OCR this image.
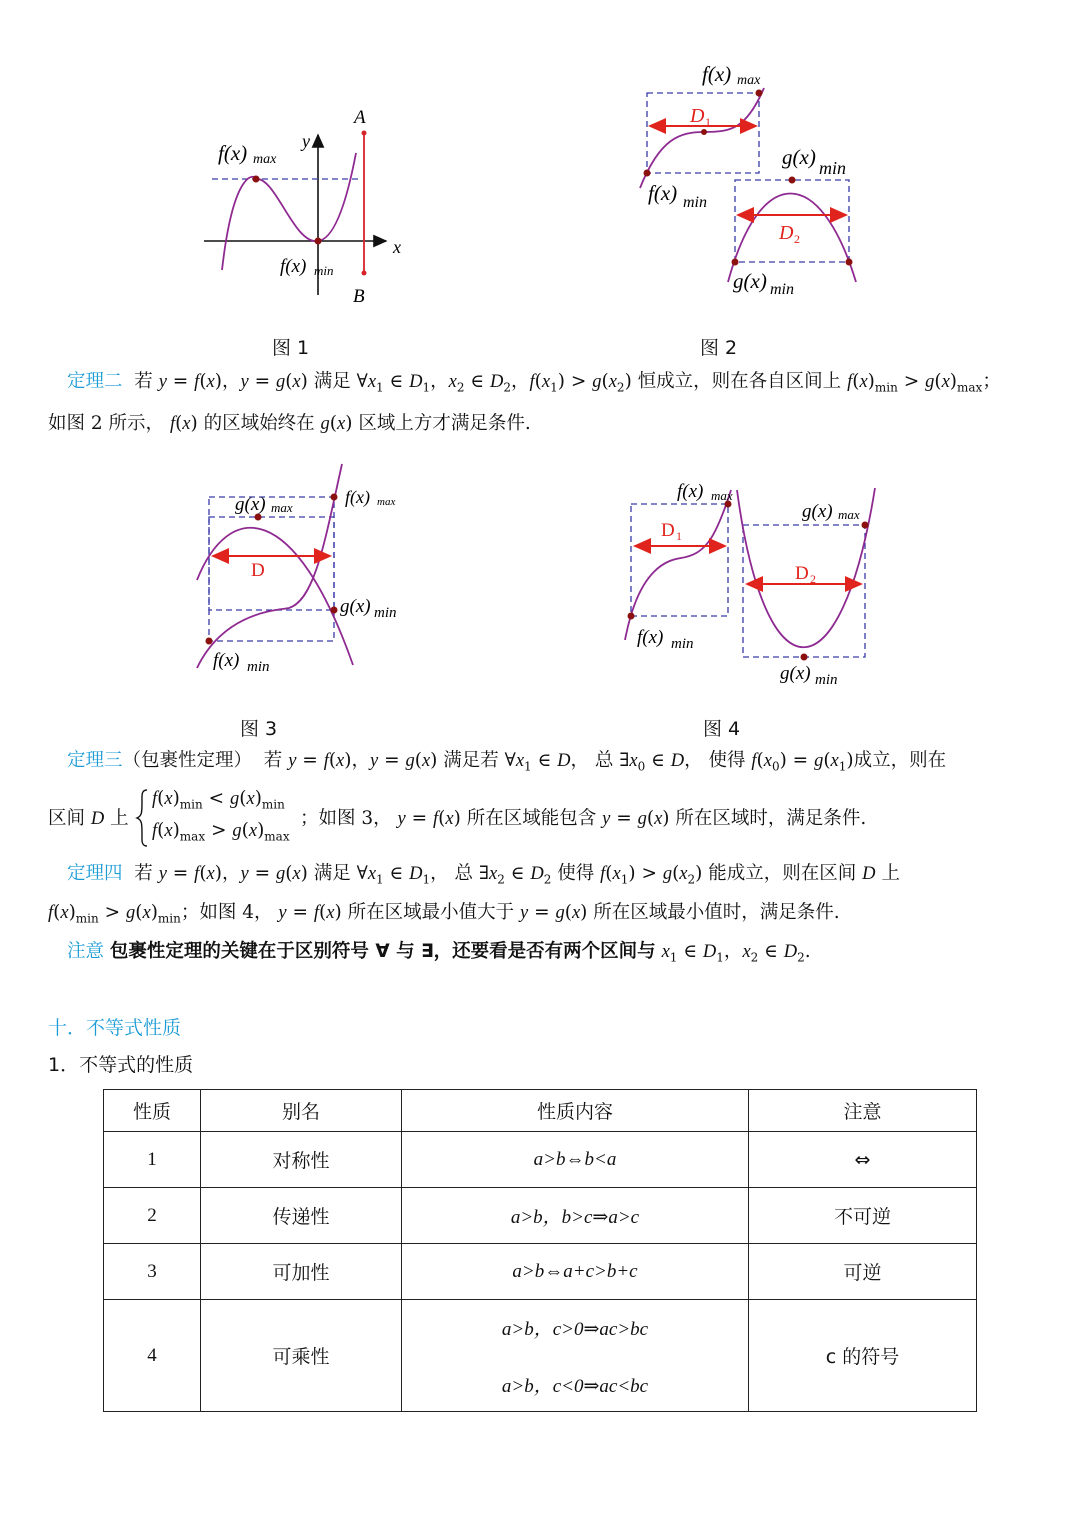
f(x) max
f(x) min
y
x
A
B
图 1
f(x) max
D 1
f(x) min
g(x) min
D 2
g(x) min
图 2
定理二 若 y = f(x)，y = g(x) 满足 $\forall x_1$ ∈ $D_1$，$x_2$ ∈ $D_2$，$f(x_1) > g(x_2)$ 恒成立，则在各自区间上 $f(x)_{min} > g(x)_{max}$；
如图 2 所示， f(x) 的区域始终在 g(x) 区域上方才满足条件.
g(x) max
f(x) max
D
g(x) min
f(x) min
图 3
f(x) max
D 1
g(x) max
D 2
f(x) min
g(x) min
图 4
定理三（包裹性定理） 若 y = f(x)，y = g(x) 满足若 $\forall x_1$ ∈ D， 总 $\exists x_0$ ∈ D， 使得 $f(x_0) = g(x_1)$成立，则在
区间 D 上
$f(x)_{min} < g(x)_{min}$
$f(x)_{max} > g(x)_{max}$
；如图 3， y = f(x) 所在区域能包含 y = g(x) 所在区域时，满足条件.
定理四 若 y = f(x)，y = g(x) 满足 $\forall x_1$ ∈ $D_1$， 总 $\exists x_2$ ∈ $D_2$ 使得 $f(x_1) > g(x_2)$ 能成立，则在区间 D 上
$f(x)_{min} > g(x)_{min}$；如图 4， y = f(x) 所在区域最小值大于 y = g(x) 所在区域最小值时，满足条件.
注意 包裹性定理的关键在于区别符号 ∀ 与 ∃，还要看是否有两个区间与 $x_1$ ∈ $D_1$，$x_2$ ∈ $D_2$.
十．不等式性质
1．不等式的性质
性质	别名	性质内容	注意
1	对称性	a>b⇔b<a	⇔
2	传递性	a>b，b>c⇒a>c	不可逆
3	可加性	a>b⇔a+c>b+c	可逆
4	可乘性	a>b，c>0⇒ac>bc
a>b，c<0⇒ac<bc	c 的符号
